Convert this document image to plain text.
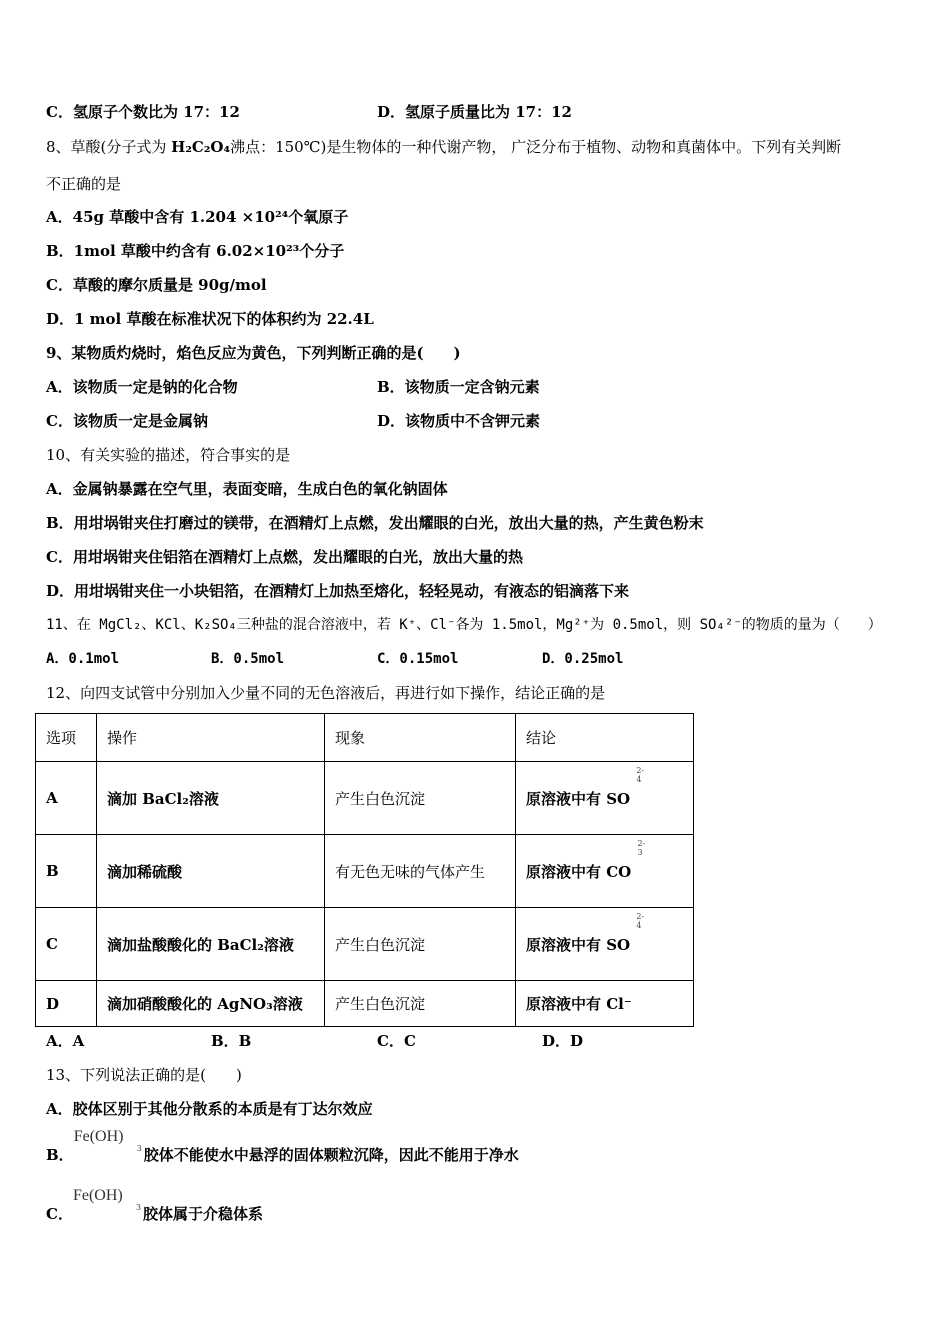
C．氢原子个数比为 17：12	D．氢原子质量比为 17：12
8、草酸(分子式为 H₂C₂O₄沸点：150℃)是生物体的一种代谢产物， 广泛分布于植物、动物和真菌体中。下列有关判断
不正确的是
A．45g 草酸中含有 1.204 ×10²⁴个氧原子
B．1mol 草酸中约含有 6.02×10²³个分子
C．草酸的摩尔质量是 90g/mol
D．1 mol 草酸在标准状况下的体积约为 22.4L
9、某物质灼烧时，焰色反应为黄色，下列判断正确的是(　　)
A．该物质一定是钠的化合物	B．该物质一定含钠元素
C．该物质一定是金属钠	D．该物质中不含钾元素
10、有关实验的描述，符合事实的是
A．金属钠暴露在空气里，表面变暗，生成白色的氧化钠固体
B．用坩埚钳夹住打磨过的镁带，在酒精灯上点燃，发出耀眼的白光，放出大量的热，产生黄色粉末
C．用坩埚钳夹住铝箔在酒精灯上点燃，发出耀眼的白光，放出大量的热
D．用坩埚钳夹住一小块铝箔，在酒精灯上加热至熔化，轻轻晃动，有液态的铝滴落下来
11、在 MgCl₂、KCl、K₂SO₄三种盐的混合溶液中，若 K⁺、Cl⁻各为 1.5mol，Mg²⁺为 0.5mol，则 SO₄²⁻的物质的量为（　　）
A．0.1mol	B．0.5mol	C．0.15mol	D．0.25mol
12、向四支试管中分别加入少量不同的无色溶液后，再进行如下操作，结论正确的是
选项	操作	现象	结论
A	滴加 BaCl₂溶液	产生白色沉淀	原溶液中有 SO
2-
4

B	滴加稀硫酸	有无色无味的气体产生	原溶液中有 CO
2-
3

C	滴加盐酸酸化的 BaCl₂溶液	产生白色沉淀	原溶液中有 SO
2-
4

D	滴加硝酸酸化的 AgNO₃溶液	产生白色沉淀	原溶液中有 Cl⁻
A．A	B．B	C．C	D．D
13、下列说法正确的是(　　)
A．胶体区别于其他分散系的本质是有丁达尔效应
B．
Fe(OH)
3 胶体不能使水中悬浮的固体颗粒沉降，因此不能用于净水
C．
Fe(OH)
3 胶体属于介稳体系
